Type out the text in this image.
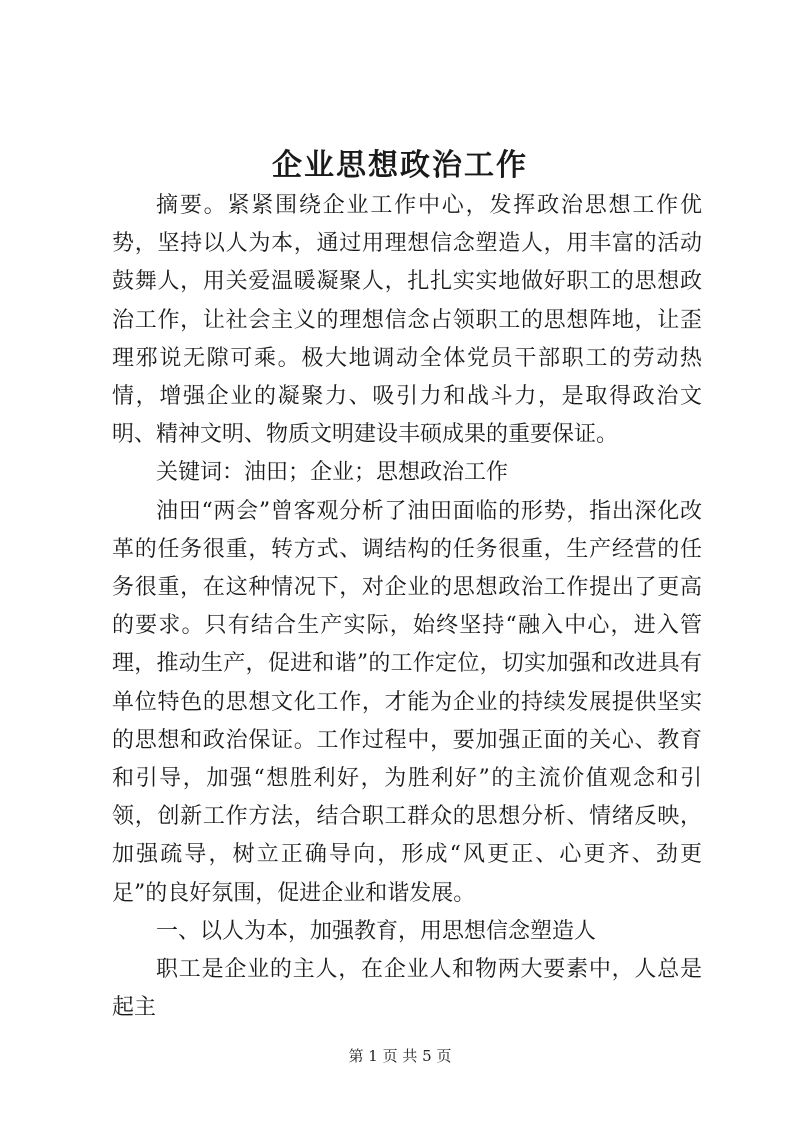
企业思想政治工作

摘要。紧紧围绕企业工作中心，发挥政治思想工作优势，坚持以人为本，通过用理想信念塑造人，用丰富的活动鼓舞人，用关爱温暖凝聚人，扎扎实实地做好职工的思想政治工作，让社会主义的理想信念占领职工的思想阵地，让歪理邪说无隙可乘。极大地调动全体党员干部职工的劳动热情，增强企业的凝聚力、吸引力和战斗力，是取得政治文明、精神文明、物质文明建设丰硕成果的重要保证。

关键词：油田；企业；思想政治工作

油田“两会”曾客观分析了油田面临的形势，指出深化改革的任务很重，转方式、调结构的任务很重，生产经营的任务很重，在这种情况下，对企业的思想政治工作提出了更高的要求。只有结合生产实际，始终坚持“融入中心，进入管理，推动生产，促进和谐”的工作定位，切实加强和改进具有单位特色的思想文化工作，才能为企业的持续发展提供坚实的思想和政治保证。工作过程中，要加强正面的关心、教育和引导，加强“想胜利好，为胜利好”的主流价值观念和引领，创新工作方法，结合职工群众的思想分析、情绪反映，加强疏导，树立正确导向，形成“风更正、心更齐、劲更足”的良好氛围，促进企业和谐发展。

一、以人为本，加强教育，用思想信念塑造人

职工是企业的主人，在企业人和物两大要素中，人总是起主

第 1 页 共 5 页
